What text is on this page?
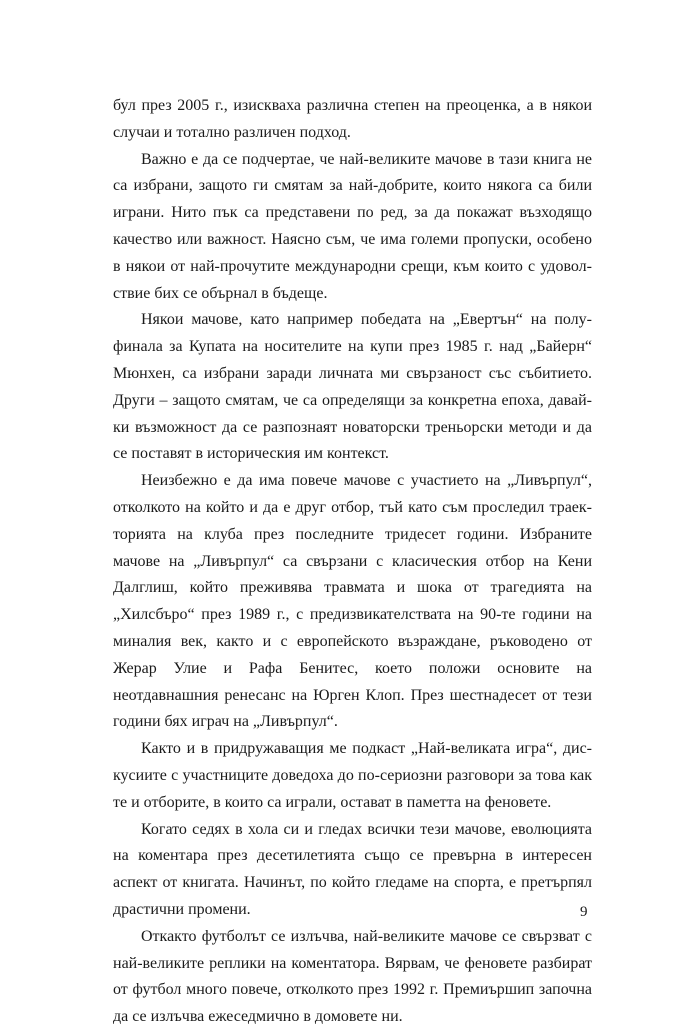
бул през 2005 г., изискваха различна степен на преоценка, а в някои случаи и тотално различен подход.

Важно е да се подчертае, че най-великите мачове в тази книга не са избрани, защото ги смятам за най-добрите, които някога са били играни. Нито пък са представени по ред, за да покажат възходящо качество или важност. Наясно съм, че има големи пропуски, особено в някои от най-прочутите международни срещи, към които с удоволствие бих се обърнал в бъдеще.

Някои мачове, като например победата на „Евертън“ на полуфинала за Купата на носителите на купи през 1985 г. над „Байерн“ Мюнхен, са избрани заради личната ми свързаност със събитието. Други – защото смятам, че са определящи за конкретна епоха, давайки възможност да се разпознаят новаторски треньорски методи и да се поставят в историческия им контекст.

Неизбежно е да има повече мачове с участието на „Ливърпул“, отколкото на който и да е друг отбор, тъй като съм проследил траекторията на клуба през последните тридесет години. Избраните мачове на „Ливърпул“ са свързани с класическия отбор на Кени Далглиш, който преживява травмата и шока от трагедията на „Хилсбъро“ през 1989 г., с предизвикателствата на 90-те години на миналия век, както и с европейското възраждане, ръководено от Жерар Улие и Рафа Бенитес, което положи основите на неотдавнашния ренесанс на Юрген Клоп. През шестнадесет от тези години бях играч на „Ливърпул“.

Както и в придружаващия ме подкаст „Най-великата игра“, дискусиите с участниците доведоха до по-сериозни разговори за това как те и отборите, в които са играли, остават в паметта на феновете.

Когато седях в хола си и гледах всички тези мачове, еволюцията на коментара през десетилетията също се превърна в интересен аспект от книгата. Начинът, по който гледаме на спорта, е претърпял драстични промени.

Откакто футболът се излъчва, най-великите мачове се свързват с най-великите реплики на коментатора. Вярвам, че феновете разбират от футбол много повече, отколкото през 1992 г. Премиършип започна да се излъчва ежеседмично в домовете ни.

9
